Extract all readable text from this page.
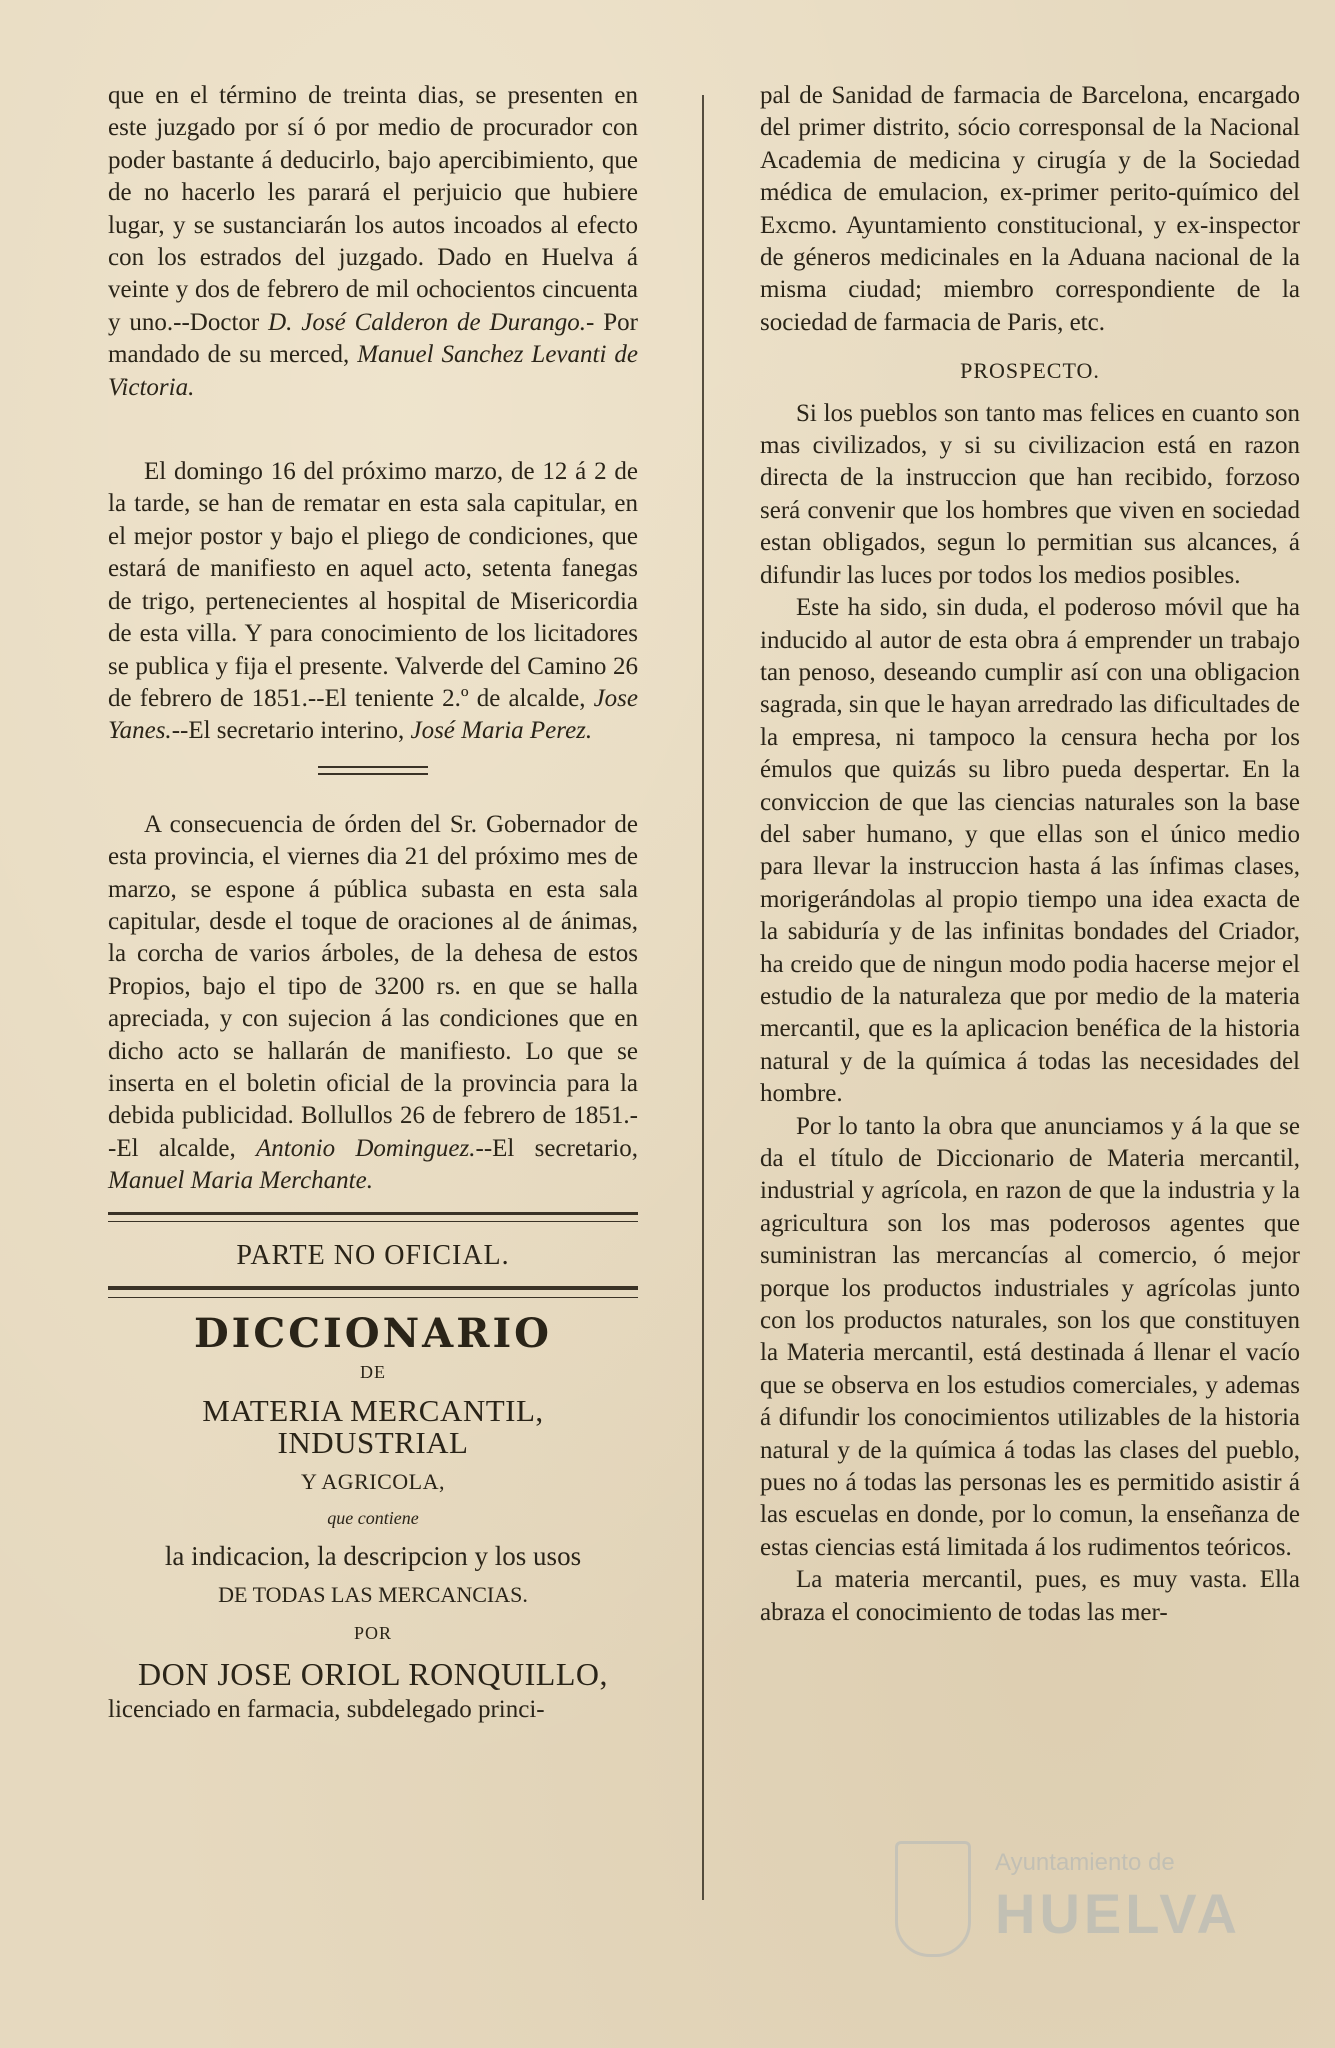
que en el término de treinta dias, se presenten en este juzgado por sí ó por medio de procurador con poder bastante á deducirlo, bajo apercibimiento, que de no hacerlo les parará el perjuicio que hubiere lugar, y se sustanciarán los autos incoados al efecto con los estrados del juzgado. Dado en Huelva á veinte y dos de febrero de mil ochocientos cincuenta y uno.--Doctor D. José Calderon de Durango.- Por mandado de su merced, Manuel Sanchez Levanti de Victoria.

El domingo 16 del próximo marzo, de 12 á 2 de la tarde, se han de rematar en esta sala capitular, en el mejor postor y bajo el pliego de condiciones, que estará de manifiesto en aquel acto, setenta fanegas de trigo, pertenecientes al hospital de Misericordia de esta villa. Y para conocimiento de los licitadores se publica y fija el presente. Valverde del Camino 26 de febrero de 1851.--El teniente 2.º de alcalde, Jose Yanes.--El secretario interino, José Maria Perez.

A consecuencia de órden del Sr. Gobernador de esta provincia, el viernes dia 21 del próximo mes de marzo, se espone á pública subasta en esta sala capitular, desde el toque de oraciones al de ánimas, la corcha de varios árboles, de la dehesa de estos Propios, bajo el tipo de 3200 rs. en que se halla apreciada, y con sujecion á las condiciones que en dicho acto se hallarán de manifiesto. Lo que se inserta en el boletin oficial de la provincia para la debida publicidad. Bollullos 26 de febrero de 1851.--El alcalde, Antonio Dominguez.--El secretario, Manuel Maria Merchante.

PARTE NO OFICIAL.
DICCIONARIO
DE
MATERIA MERCANTIL, INDUSTRIAL
Y AGRICOLA,
que contiene
la indicacion, la descripcion y los usos
DE TODAS LAS MERCANCIAS.
POR
DON JOSE ORIOL RONQUILLO,

licenciado en farmacia, subdelegado princi-

pal de Sanidad de farmacia de Barcelona, encargado del primer distrito, sócio corresponsal de la Nacional Academia de medicina y cirugía y de la Sociedad médica de emulacion, ex-primer perito-químico del Excmo. Ayuntamiento constitucional, y ex-inspector de géneros medicinales en la Aduana nacional de la misma ciudad; miembro correspondiente de la sociedad de farmacia de Paris, etc.

PROSPECTO.

Si los pueblos son tanto mas felices en cuanto son mas civilizados, y si su civilizacion está en razon directa de la instruccion que han recibido, forzoso será convenir que los hombres que viven en sociedad estan obligados, segun lo permitian sus alcances, á difundir las luces por todos los medios posibles.

Este ha sido, sin duda, el poderoso móvil que ha inducido al autor de esta obra á emprender un trabajo tan penoso, deseando cumplir así con una obligacion sagrada, sin que le hayan arredrado las dificultades de la empresa, ni tampoco la censura hecha por los émulos que quizás su libro pueda despertar. En la conviccion de que las ciencias naturales son la base del saber humano, y que ellas son el único medio para llevar la instruccion hasta á las ínfimas clases, morigerándolas al propio tiempo una idea exacta de la sabiduría y de las infinitas bondades del Criador, ha creido que de ningun modo podia hacerse mejor el estudio de la naturaleza que por medio de la materia mercantil, que es la aplicacion benéfica de la historia natural y de la química á todas las necesidades del hombre.

Por lo tanto la obra que anunciamos y á la que se da el título de Diccionario de Materia mercantil, industrial y agrícola, en razon de que la industria y la agricultura son los mas poderosos agentes que suministran las mercancías al comercio, ó mejor porque los productos industriales y agrícolas junto con los productos naturales, son los que constituyen la Materia mercantil, está destinada á llenar el vacío que se observa en los estudios comerciales, y ademas á difundir los conocimientos utilizables de la historia natural y de la química á todas las clases del pueblo, pues no á todas las personas les es permitido asistir á las escuelas en donde, por lo comun, la enseñanza de estas ciencias está limitada á los rudimentos teóricos.

La materia mercantil, pues, es muy vasta. Ella abraza el conocimiento de todas las mer-

Ayuntamiento de
HUELVA
